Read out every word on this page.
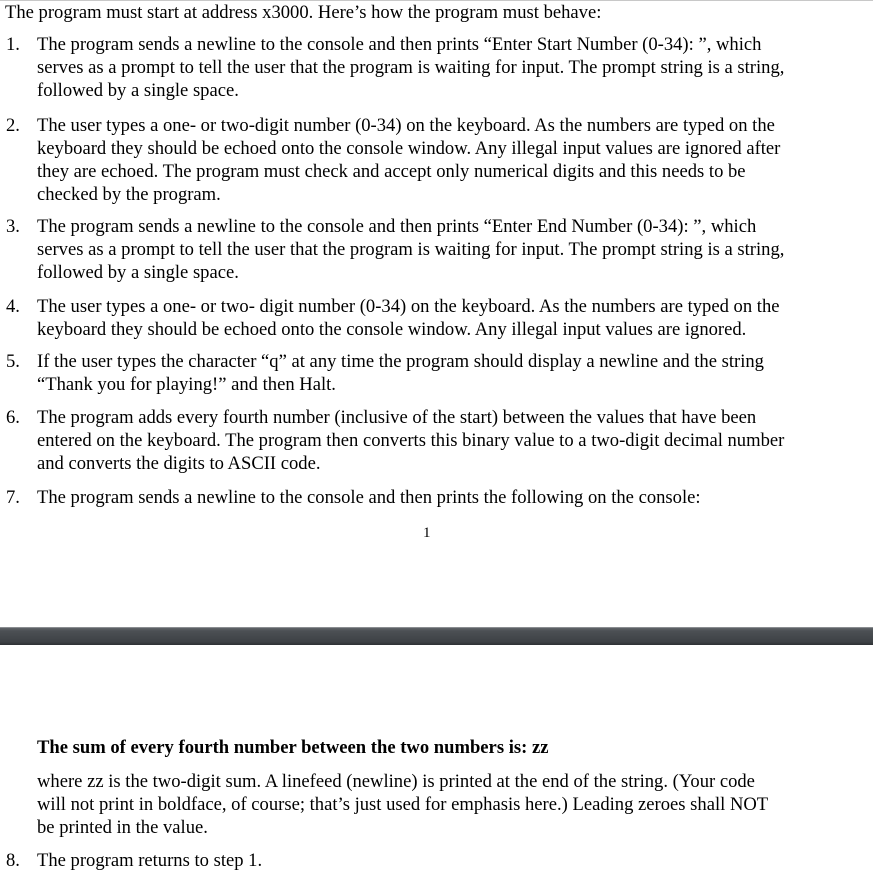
The program must start at address x3000. Here’s how the program must behave:
1. The program sends a newline to the console and then prints “Enter Start Number (0-34): ”, which
serves as a prompt to tell the user that the program is waiting for input. The prompt string is a string,
followed by a single space.
2. The user types a one- or two-digit number (0-34) on the keyboard. As the numbers are typed on the
keyboard they should be echoed onto the console window. Any illegal input values are ignored after
they are echoed. The program must check and accept only numerical digits and this needs to be
checked by the program.
3. The program sends a newline to the console and then prints “Enter End Number (0-34): ”, which
serves as a prompt to tell the user that the program is waiting for input. The prompt string is a string,
followed by a single space.
4. The user types a one- or two- digit number (0-34) on the keyboard. As the numbers are typed on the
keyboard they should be echoed onto the console window. Any illegal input values are ignored.
5. If the user types the character “q” at any time the program should display a newline and the string
“Thank you for playing!” and then Halt.
6. The program adds every fourth number (inclusive of the start) between the values that have been
entered on the keyboard. The program then converts this binary value to a two-digit decimal number
and converts the digits to ASCII code.
7. The program sends a newline to the console and then prints the following on the console:
1
The sum of every fourth number between the two numbers is: zz
where zz is the two-digit sum. A linefeed (newline) is printed at the end of the string. (Your code
will not print in boldface, of course; that’s just used for emphasis here.) Leading zeroes shall NOT
be printed in the value.
8. The program returns to step 1.
